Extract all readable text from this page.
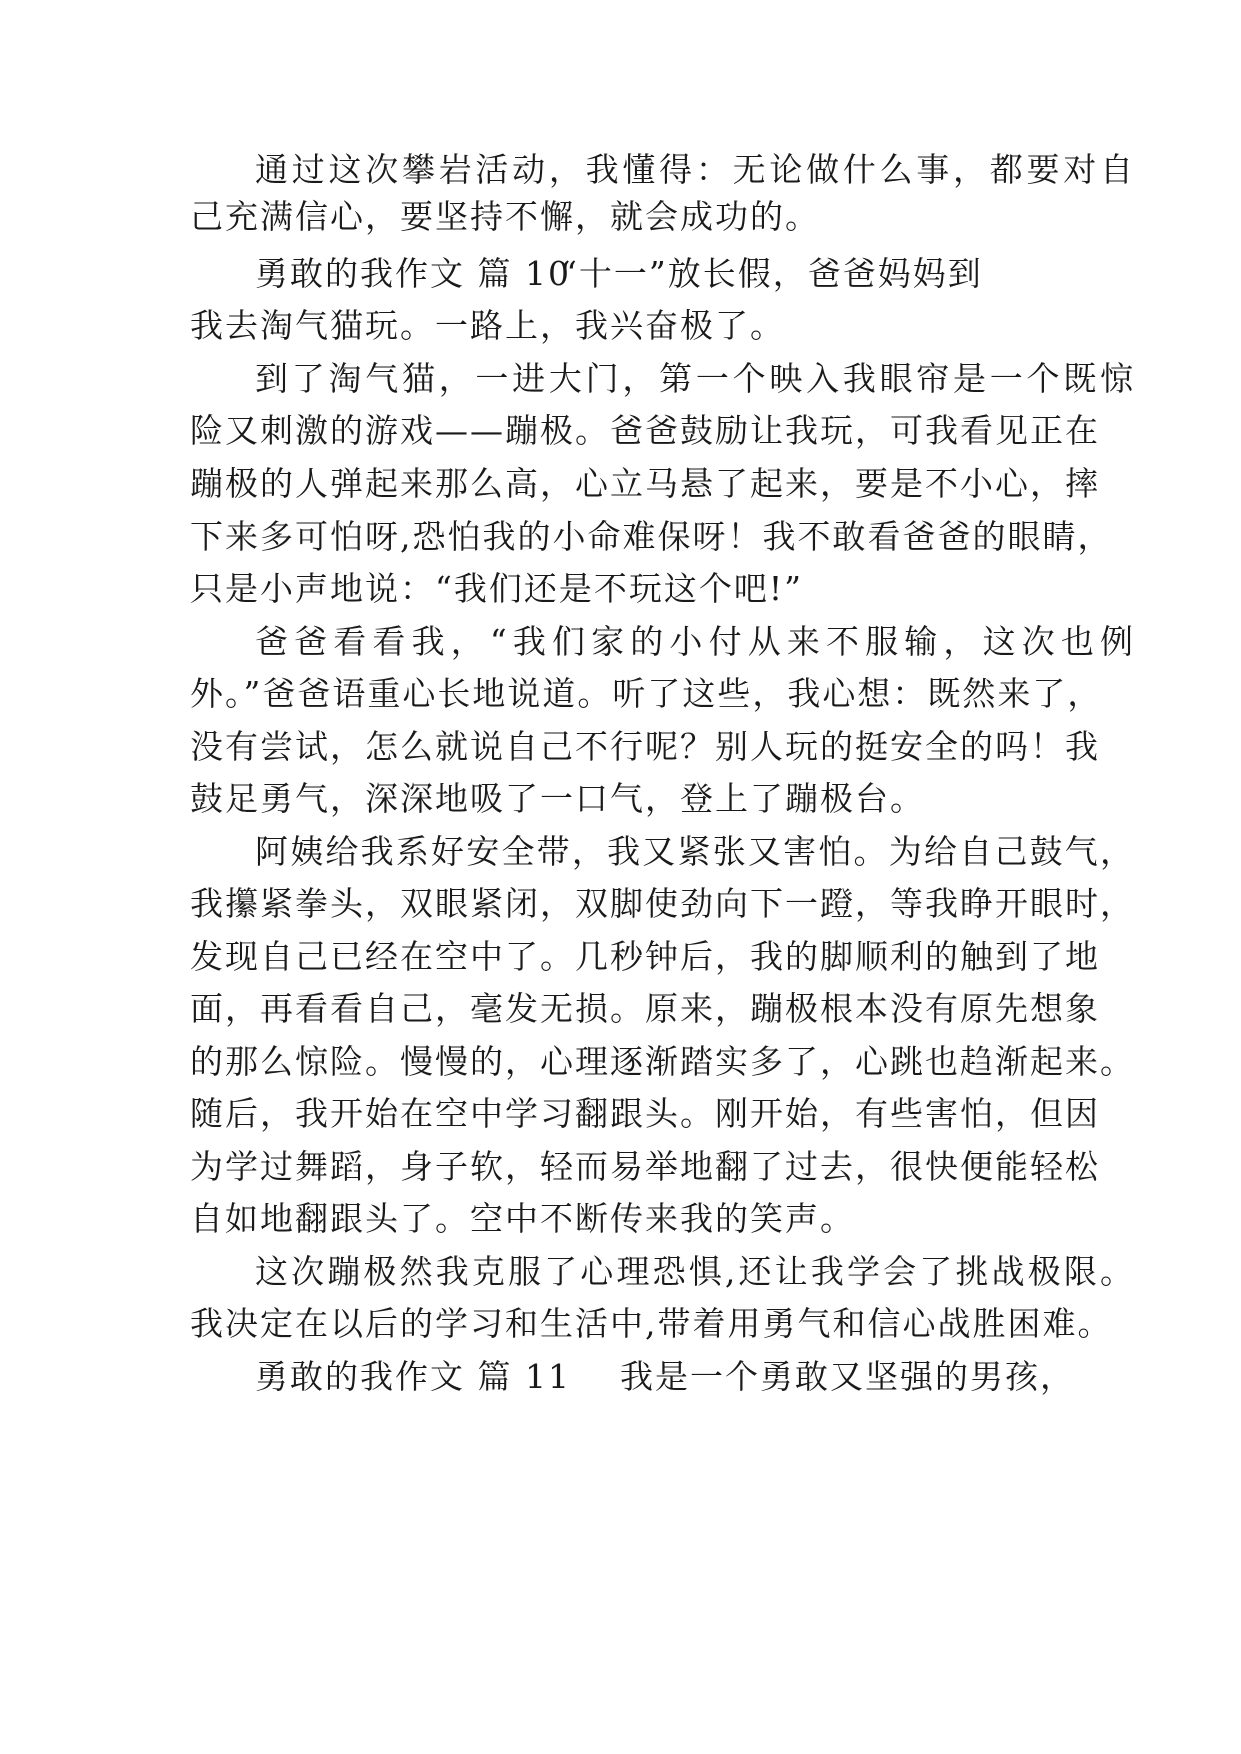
通过这次攀岩活动，我懂得：无论做什么事，都要对自
己充满信心，要坚持不懈，就会成功的。
勇敢的我作文 篇 10
“十一”放长假，爸爸妈妈到
我去淘气猫玩。一路上，我兴奋极了。
到了淘气猫，一进大门，第一个映入我眼帘是一个既惊
险又刺激的游戏——蹦极。爸爸鼓励让我玩，可我看见正在
蹦极的人弹起来那么高，心立马悬了起来，要是不小心，摔
下来多可怕呀,恐怕我的小命难保呀！我不敢看爸爸的眼睛，
只是小声地说：“我们还是不玩这个吧!”
爸爸看看我，“我们家的小付从来不服输，这次也例
外。”爸爸语重心长地说道。听了这些，我心想：既然来了，
没有尝试，怎么就说自己不行呢？别人玩的挺安全的吗！我
鼓足勇气，深深地吸了一口气，登上了蹦极台。
阿姨给我系好安全带，我又紧张又害怕。为给自己鼓气，
我攥紧拳头，双眼紧闭，双脚使劲向下一蹬，等我睁开眼时，
发现自己已经在空中了。几秒钟后，我的脚顺利的触到了地
面，再看看自己，毫发无损。原来，蹦极根本没有原先想象
的那么惊险。慢慢的，心理逐渐踏实多了，心跳也趋渐起来。
随后，我开始在空中学习翻跟头。刚开始，有些害怕，但因
为学过舞蹈，身子软，轻而易举地翻了过去，很快便能轻松
自如地翻跟头了。空中不断传来我的笑声。
这次蹦极然我克服了心理恐惧,还让我学会了挑战极限。
我决定在以后的学习和生活中,带着用勇气和信心战胜困难。
勇敢的我作文 篇 11 我是一个勇敢又坚强的男孩，
